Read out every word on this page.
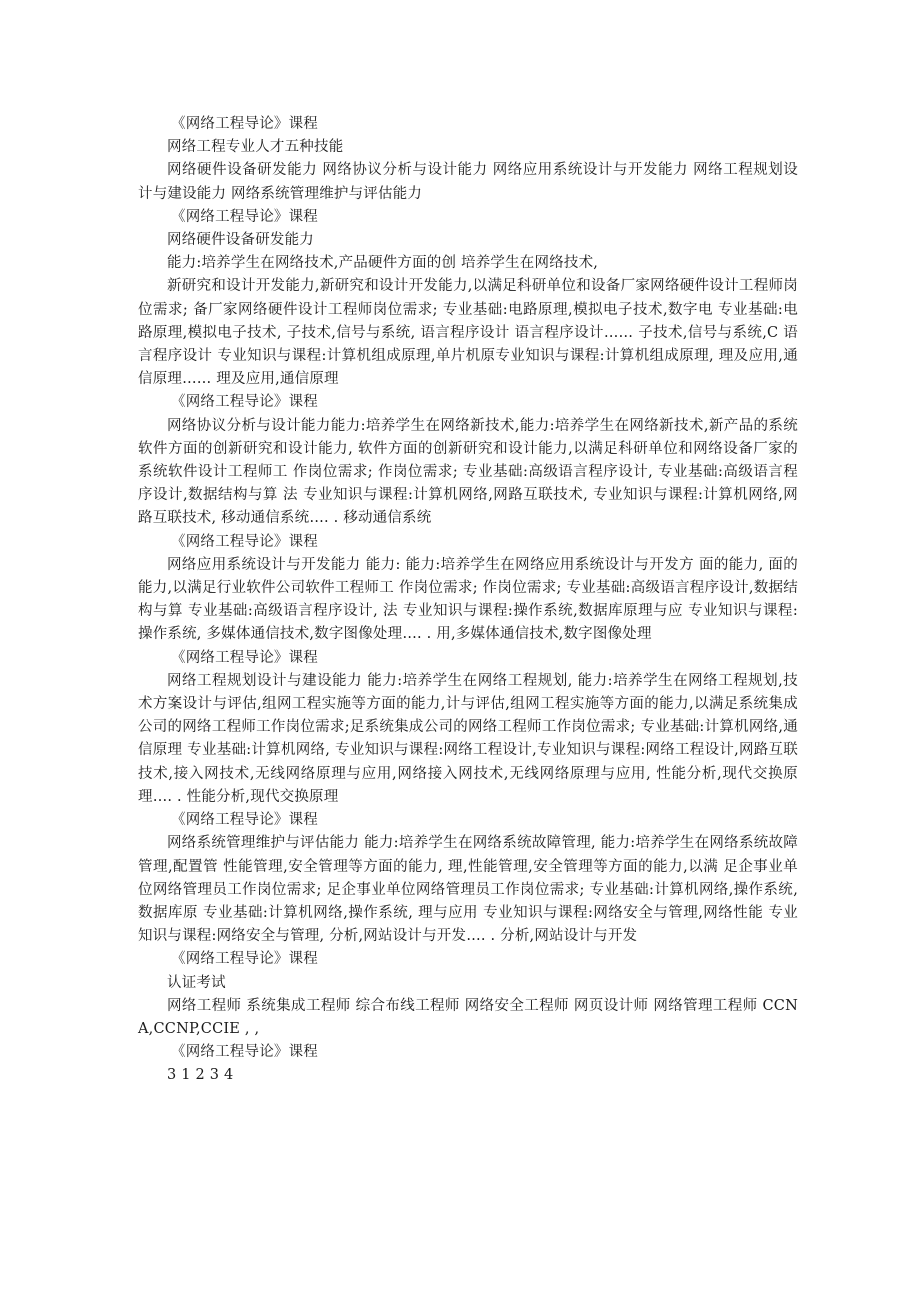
《网络工程导论》课程

网络工程专业人才五种技能

网络硬件设备研发能力 网络协议分析与设计能力 网络应用系统设计与开发能力 网络工程规划设计与建设能力 网络系统管理维护与评估能力

《网络工程导论》课程

网络硬件设备研发能力

能力:培养学生在网络技术,产品硬件方面的创 培养学生在网络技术,

新研究和设计开发能力,新研究和设计开发能力,以满足科研单位和设备厂家网络硬件设计工程师岗位需求; 备厂家网络硬件设计工程师岗位需求; 专业基础:电路原理,模拟电子技术,数字电 专业基础:电路原理,模拟电子技术, 子技术,信号与系统, 语言程序设计 语言程序设计…… 子技术,信号与系统,C 语言程序设计 专业知识与课程:计算机组成原理,单片机原专业知识与课程:计算机组成原理, 理及应用,通信原理…… 理及应用,通信原理

《网络工程导论》课程

网络协议分析与设计能力能力:培养学生在网络新技术,能力:培养学生在网络新技术,新产品的系统 软件方面的创新研究和设计能力, 软件方面的创新研究和设计能力,以满足科研单位和网络设备厂家的系统软件设计工程师工 作岗位需求; 作岗位需求; 专业基础:高级语言程序设计, 专业基础:高级语言程序设计,数据结构与算 法 专业知识与课程:计算机网络,网路互联技术, 专业知识与课程:计算机网络,网路互联技术, 移动通信系统…. . 移动通信系统

《网络工程导论》课程

网络应用系统设计与开发能力 能力: 能力:培养学生在网络应用系统设计与开发方 面的能力, 面的能力,以满足行业软件公司软件工程师工 作岗位需求; 作岗位需求; 专业基础:高级语言程序设计,数据结构与算 专业基础:高级语言程序设计, 法 专业知识与课程:操作系统,数据库原理与应 专业知识与课程:操作系统, 多媒体通信技术,数字图像处理…. . 用,多媒体通信技术,数字图像处理

《网络工程导论》课程

网络工程规划设计与建设能力 能力:培养学生在网络工程规划, 能力:培养学生在网络工程规划,技术方案设计与评估,组网工程实施等方面的能力,计与评估,组网工程实施等方面的能力,以满足系统集成公司的网络工程师工作岗位需求;足系统集成公司的网络工程师工作岗位需求; 专业基础:计算机网络,通信原理 专业基础:计算机网络, 专业知识与课程:网络工程设计,专业知识与课程:网络工程设计,网路互联技术,接入网技术,无线网络原理与应用,网络接入网技术,无线网络原理与应用, 性能分析,现代交换原理…. . 性能分析,现代交换原理

《网络工程导论》课程

网络系统管理维护与评估能力 能力:培养学生在网络系统故障管理, 能力:培养学生在网络系统故障管理,配置管 性能管理,安全管理等方面的能力, 理,性能管理,安全管理等方面的能力,以满 足企事业单位网络管理员工作岗位需求; 足企事业单位网络管理员工作岗位需求; 专业基础:计算机网络,操作系统,数据库原 专业基础:计算机网络,操作系统, 理与应用 专业知识与课程:网络安全与管理,网络性能 专业知识与课程:网络安全与管理, 分析,网站设计与开发…. . 分析,网站设计与开发

《网络工程导论》课程

认证考试

网络工程师 系统集成工程师 综合布线工程师 网络安全工程师 网页设计师 网络管理工程师 CCNA,CCNP,CCIE , ,

《网络工程导论》课程

3 1 2 3 4
